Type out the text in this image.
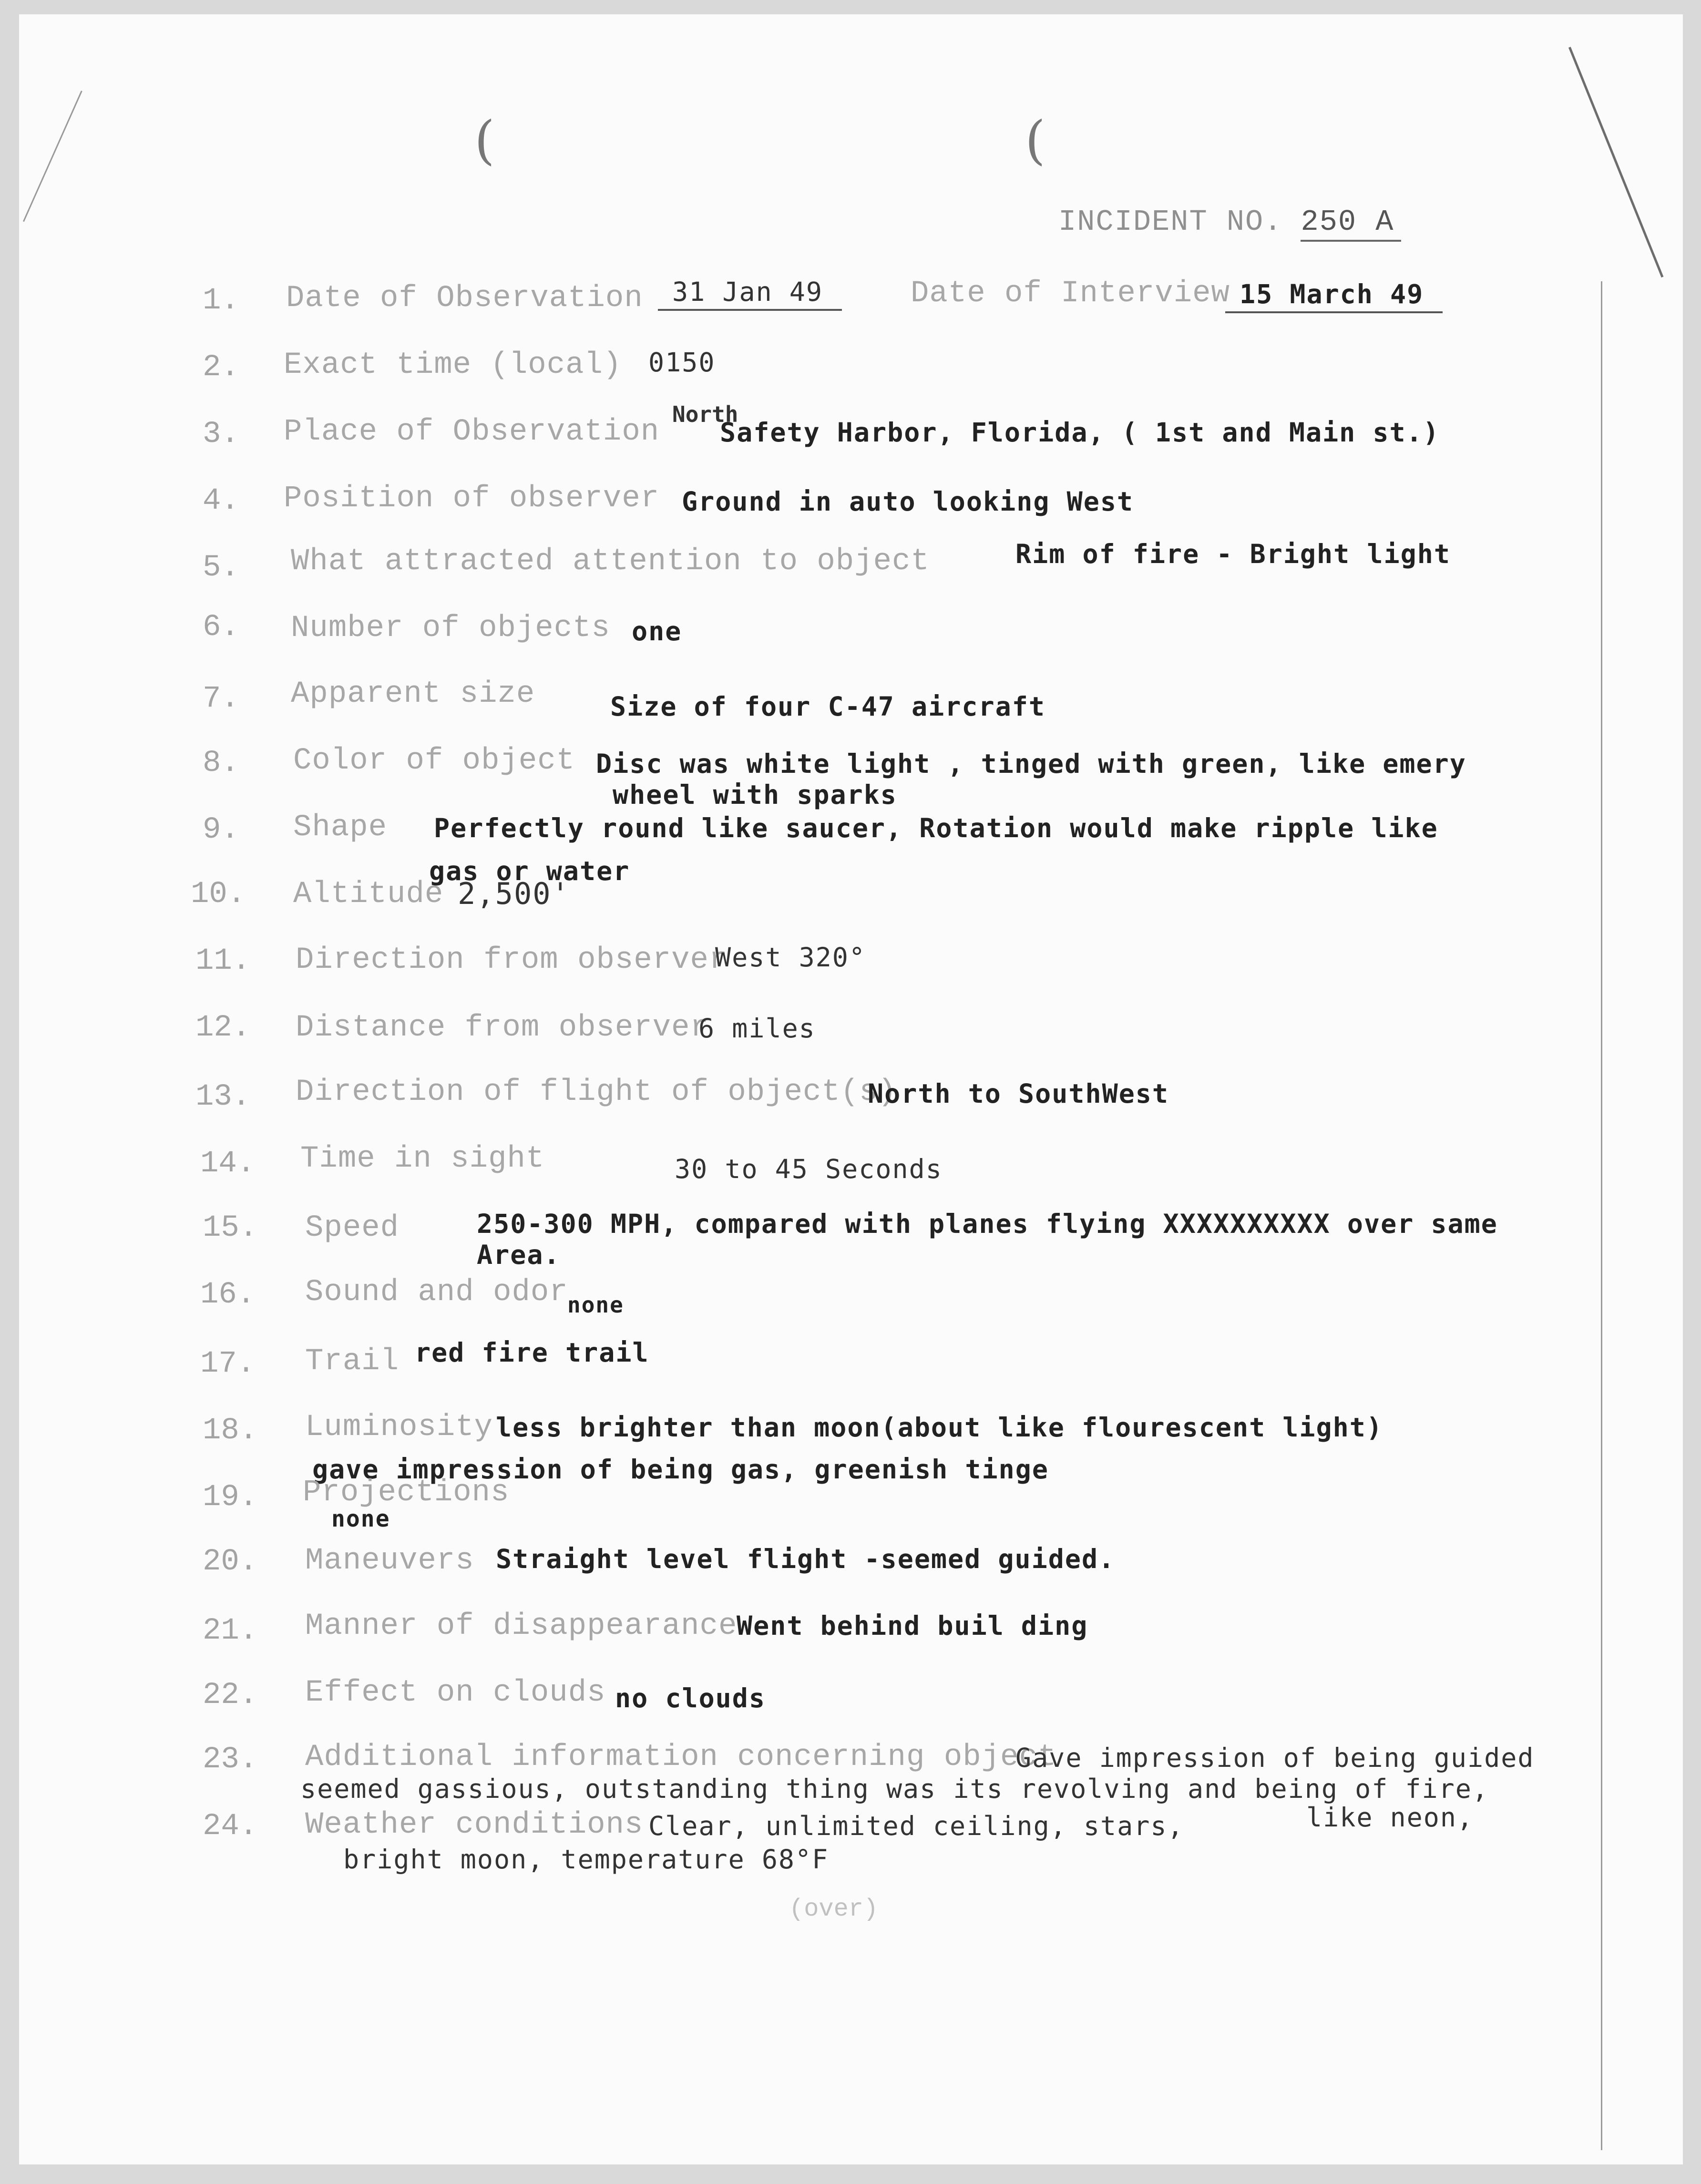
(	(
INCIDENT NO. 250 A
1. Date of Observation	31 Jan 49	Date of Interview 15 March 49
2. Exact time (local) 0150
3. Place of Observation
North
Safety Harbor, Florida, ( 1st and Main st.)
4. Position of observer Ground in auto looking West
5. What attracted attention to object	Rim of fire - Bright light
6. Number of objects one
7. Apparent size	Size of four C-47 aircraft
8. Color of object Disc was white light , tinged with green, like emery
wheel with sparks
9. Shape Perfectly round like saucer, Rotation would make ripple like
gas or water
10. Altitude 2,500'
11. Direction from observer
West 320°
12. Distance from observer
6 miles
13. Direction of flight of object(s)
North to SouthWest
14. Time in sight	30 to 45 Seconds
15. Speed	250-300 MPH, compared with planes flying XXXXXXXXXX over same
Area.
16. Sound and odor
none
17. Trail red fire trail
18. Luminosity less brighter than moon(about like flourescent light)
gave impression of being gas, greenish tinge
19. Projections
none
20. Maneuvers Straight level flight -seemed guided.
21. Manner of disappearance
Went behind buil ding
22. Effect on clouds no clouds
23. Additional information concerning object
Gave impression of being guided
seemed gassious, outstanding thing was its revolving and being of fire,
like neon,
24. Weather conditions Clear, unlimited ceiling, stars,
bright moon, temperature 68°F
(over)
